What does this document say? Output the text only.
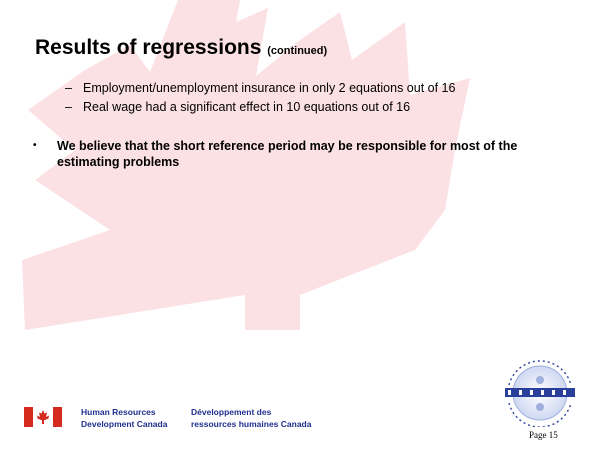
Results of regressions (continued)
– Employment/unemployment insurance in only 2 equations out of 16
– Real wage had a significant effect in 10 equations out of 16
• We believe that the short reference period may be responsible for most of the estimating problems
Human Resources
Development Canada
Développement des
ressources humaines Canada
Page 15
